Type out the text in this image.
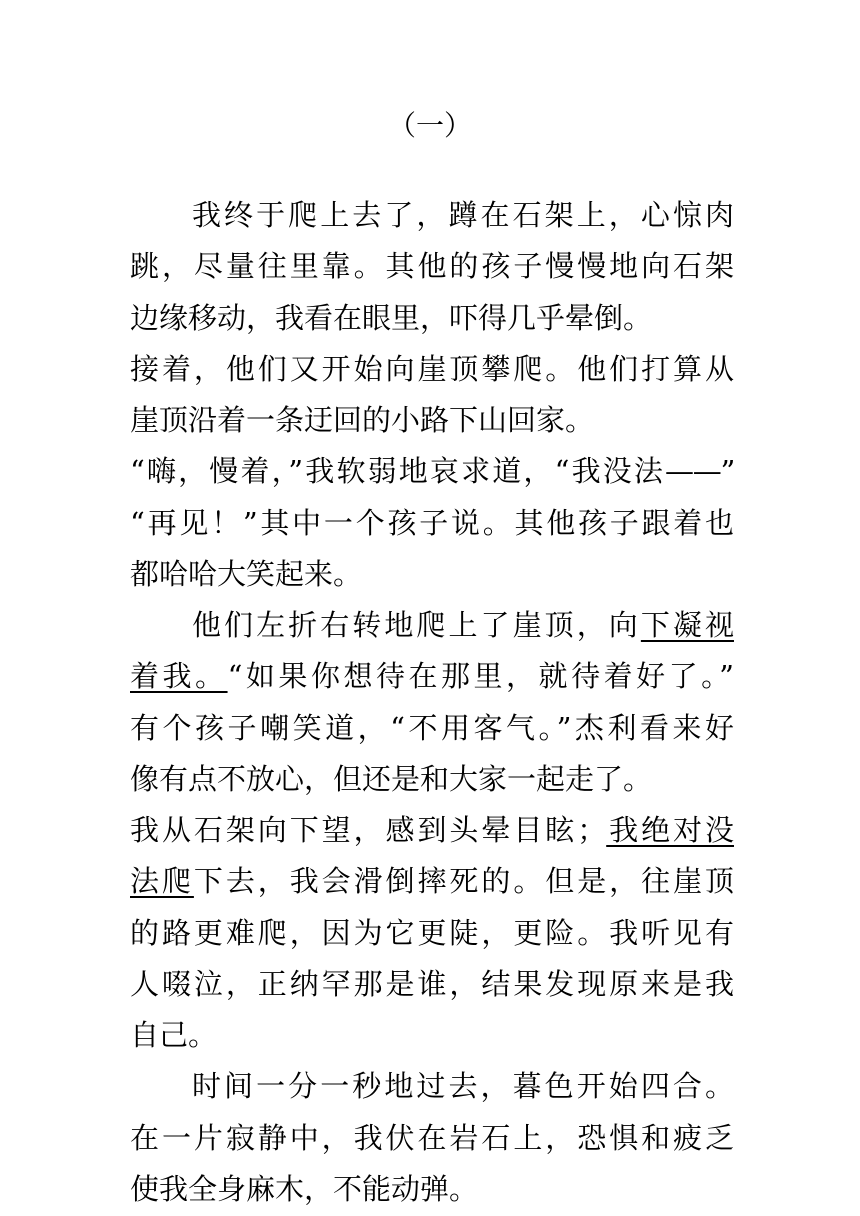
（一）
我终于爬上去了，蹲在石架上，心惊肉
跳，尽量往里靠。其他的孩子慢慢地向石架
边缘移动，我看在眼里，吓得几乎晕倒。
接着，他们又开始向崖顶攀爬。他们打算从
崖顶沿着一条迂回的小路下山回家。
“嗨，慢着，”我软弱地哀求道，“我没法——”
“再见！”其中一个孩子说。其他孩子跟着也
都哈哈大笑起来。
他们左折右转地爬上了崖顶，向下凝视
着我。“如果你想待在那里，就待着好了。”
有个孩子嘲笑道，“不用客气。”杰利看来好
像有点不放心，但还是和大家一起走了。
我从石架向下望，感到头晕目眩；我绝对没
法爬下去，我会滑倒摔死的。但是，往崖顶
的路更难爬，因为它更陡，更险。我听见有
人啜泣，正纳罕那是谁，结果发现原来是我
自己。
时间一分一秒地过去，暮色开始四合。
在一片寂静中，我伏在岩石上，恐惧和疲乏
使我全身麻木，不能动弹。
